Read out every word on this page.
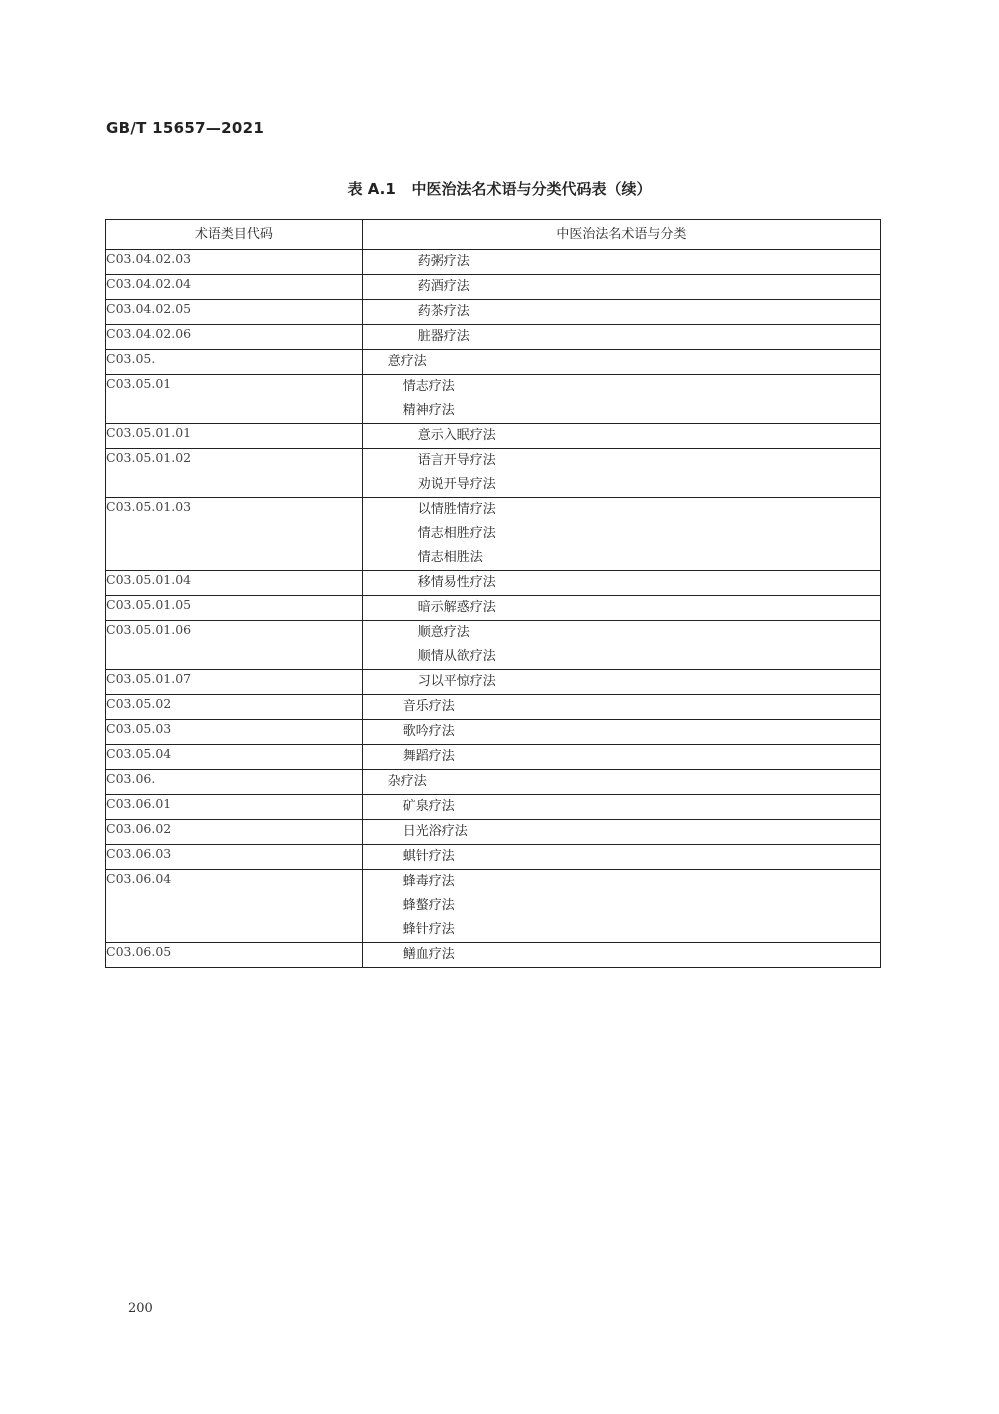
GB/T 15657—2021
表 A.1   中医治法名术语与分类代码表（续）
术语类目代码	中医治法名术语与分类
C03.04.02.03	药粥疗法

C03.04.02.04	药酒疗法

C03.04.02.05	药茶疗法

C03.04.02.06	脏器疗法

C03.05.	意疗法

C03.05.01	情志疗法
精神疗法

C03.05.01.01	意示入眠疗法

C03.05.01.02	语言开导疗法
劝说开导疗法

C03.05.01.03	以情胜情疗法
情志相胜疗法
情志相胜法

C03.05.01.04	移情易性疗法

C03.05.01.05	暗示解惑疗法

C03.05.01.06	顺意疗法
顺情从欲疗法

C03.05.01.07	习以平惊疗法

C03.05.02	音乐疗法

C03.05.03	歌吟疗法

C03.05.04	舞蹈疗法

C03.06.	杂疗法

C03.06.01	矿泉疗法

C03.06.02	日光浴疗法

C03.06.03	蜞针疗法

C03.06.04	蜂毒疗法
蜂螯疗法
蜂针疗法

C03.06.05	鳝血疗法
200
